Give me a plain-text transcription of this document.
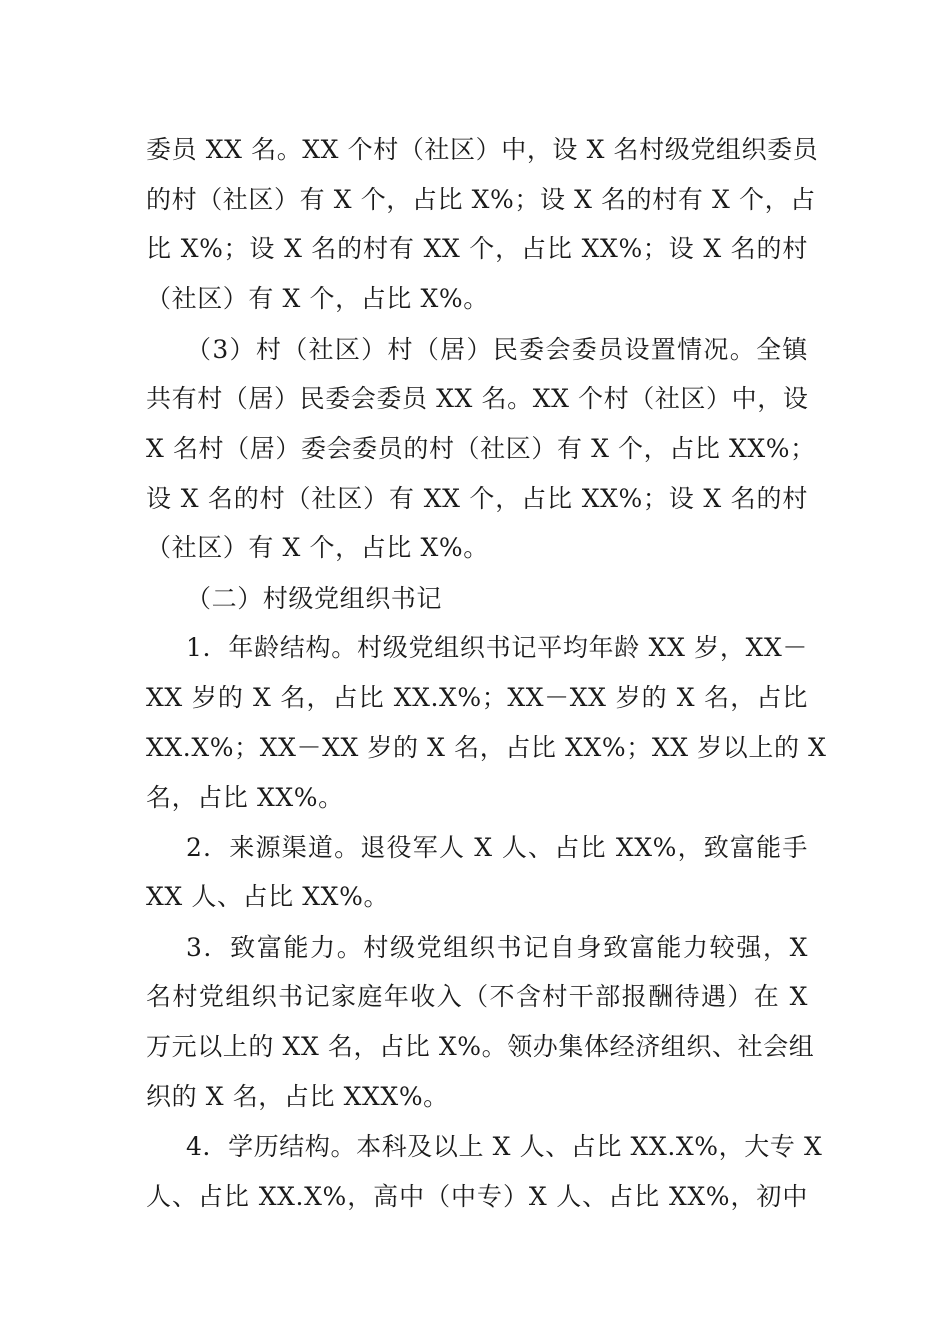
委员 XX 名。XX 个村（社区）中，设 X 名村级党组织委员
的村（社区）有 X 个，占比 X%；设 X 名的村有 X 个，占
比 X%；设 X 名的村有 XX 个，占比 XX%；设 X 名的村
（社区）有 X 个，占比 X%。
（3）村（社区）村（居）民委会委员设置情况。全镇
共有村（居）民委会委员 XX 名。XX 个村（社区）中，设
X 名村（居）委会委员的村（社区）有 X 个，占比 XX%；
设 X 名的村（社区）有 XX 个，占比 XX%；设 X 名的村
（社区）有 X 个，占比 X%。
（二）村级党组织书记
1．年龄结构。村级党组织书记平均年龄 XX 岁，XX－
XX 岁的 X 名，占比 XX.X%；XX－XX 岁的 X 名，占比
XX.X%；XX－XX 岁的 X 名，占比 XX%；XX 岁以上的 X
名，占比 XX%。
2．来源渠道。退役军人 X 人、占比 XX%，致富能手
XX 人、占比 XX%。
3．致富能力。村级党组织书记自身致富能力较强，X
名村党组织书记家庭年收入（不含村干部报酬待遇）在 X
万元以上的 XX 名，占比 X%。领办集体经济组织、社会组
织的 X 名，占比 XXX%。
4．学历结构。本科及以上 X 人、占比 XX.X%，大专 X
人、占比 XX.X%，高中（中专）X 人、占比 XX%，初中
